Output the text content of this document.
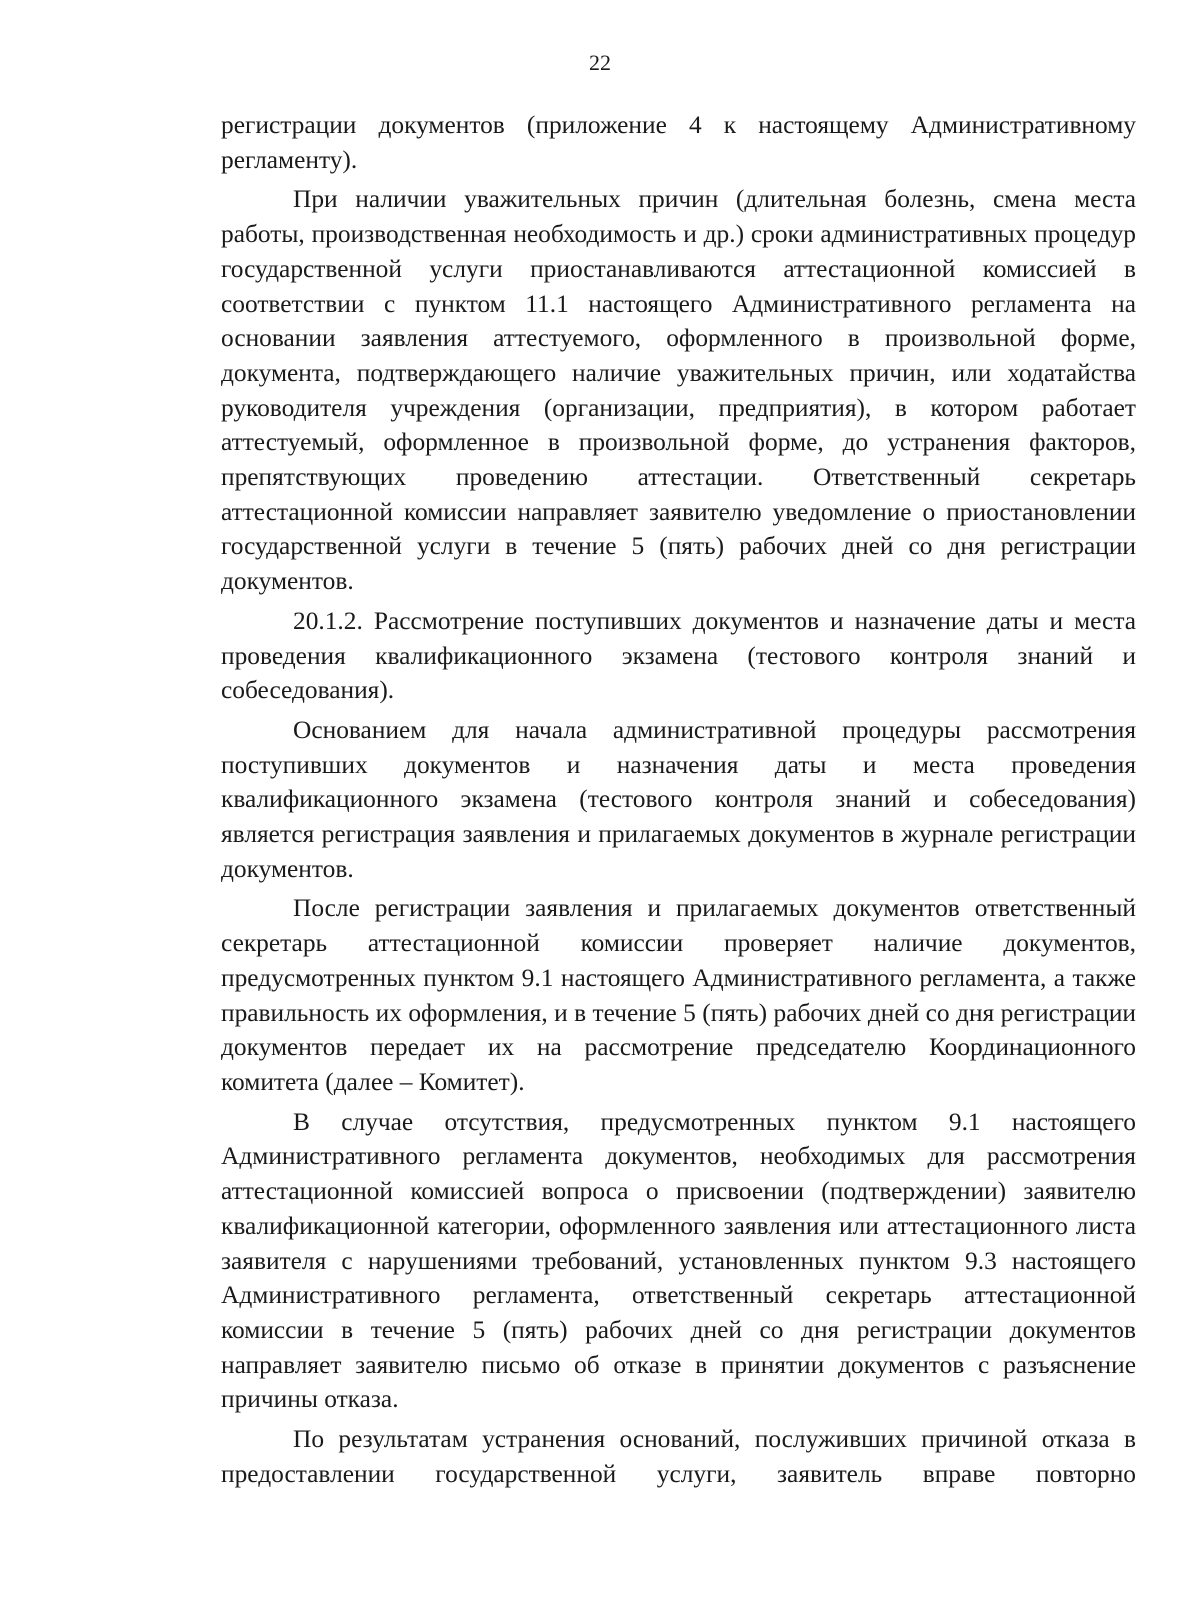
22

регистрации документов (приложение 4 к настоящему Административному регламенту).

При наличии уважительных причин (длительная болезнь, смена места работы, производственная необходимость и др.) сроки административных процедур государственной услуги приостанавливаются аттестационной комиссией в соответствии с пунктом 11.1 настоящего Административного регламента на основании заявления аттестуемого, оформленного в произвольной форме, документа, подтверждающего наличие уважительных причин, или ходатайства руководителя учреждения (организации, предприятия), в котором работает аттестуемый, оформленное в произвольной форме, до устранения факторов, препятствующих проведению аттестации. Ответственный секретарь аттестационной комиссии направляет заявителю уведомление о приостановлении государственной услуги в течение 5 (пять) рабочих дней со дня регистрации документов.

20.1.2. Рассмотрение поступивших документов и назначение даты и места проведения квалификационного экзамена (тестового контроля знаний и собеседования).

Основанием для начала административной процедуры рассмотрения поступивших документов и назначения даты и места проведения квалификационного экзамена (тестового контроля знаний и собеседования) является регистрация заявления и прилагаемых документов в журнале регистрации документов.

После регистрации заявления и прилагаемых документов ответственный секретарь аттестационной комиссии проверяет наличие документов, предусмотренных пунктом 9.1 настоящего Административного регламента, а также правильность их оформления, и в течение 5 (пять) рабочих дней со дня регистрации документов передает их на рассмотрение председателю Координационного комитета (далее – Комитет).

В случае отсутствия, предусмотренных пунктом 9.1 настоящего Административного регламента документов, необходимых для рассмотрения аттестационной комиссией вопроса о присвоении (подтверждении) заявителю квалификационной категории, оформленного заявления или аттестационного листа заявителя с нарушениями требований, установленных пунктом 9.3 настоящего Административного регламента, ответственный секретарь аттестационной комиссии в течение 5 (пять) рабочих дней со дня регистрации документов направляет заявителю письмо об отказе в принятии документов с разъяснение причины отказа.

По результатам устранения оснований, послуживших причиной отказа в предоставлении государственной услуги, заявитель вправе повторно
